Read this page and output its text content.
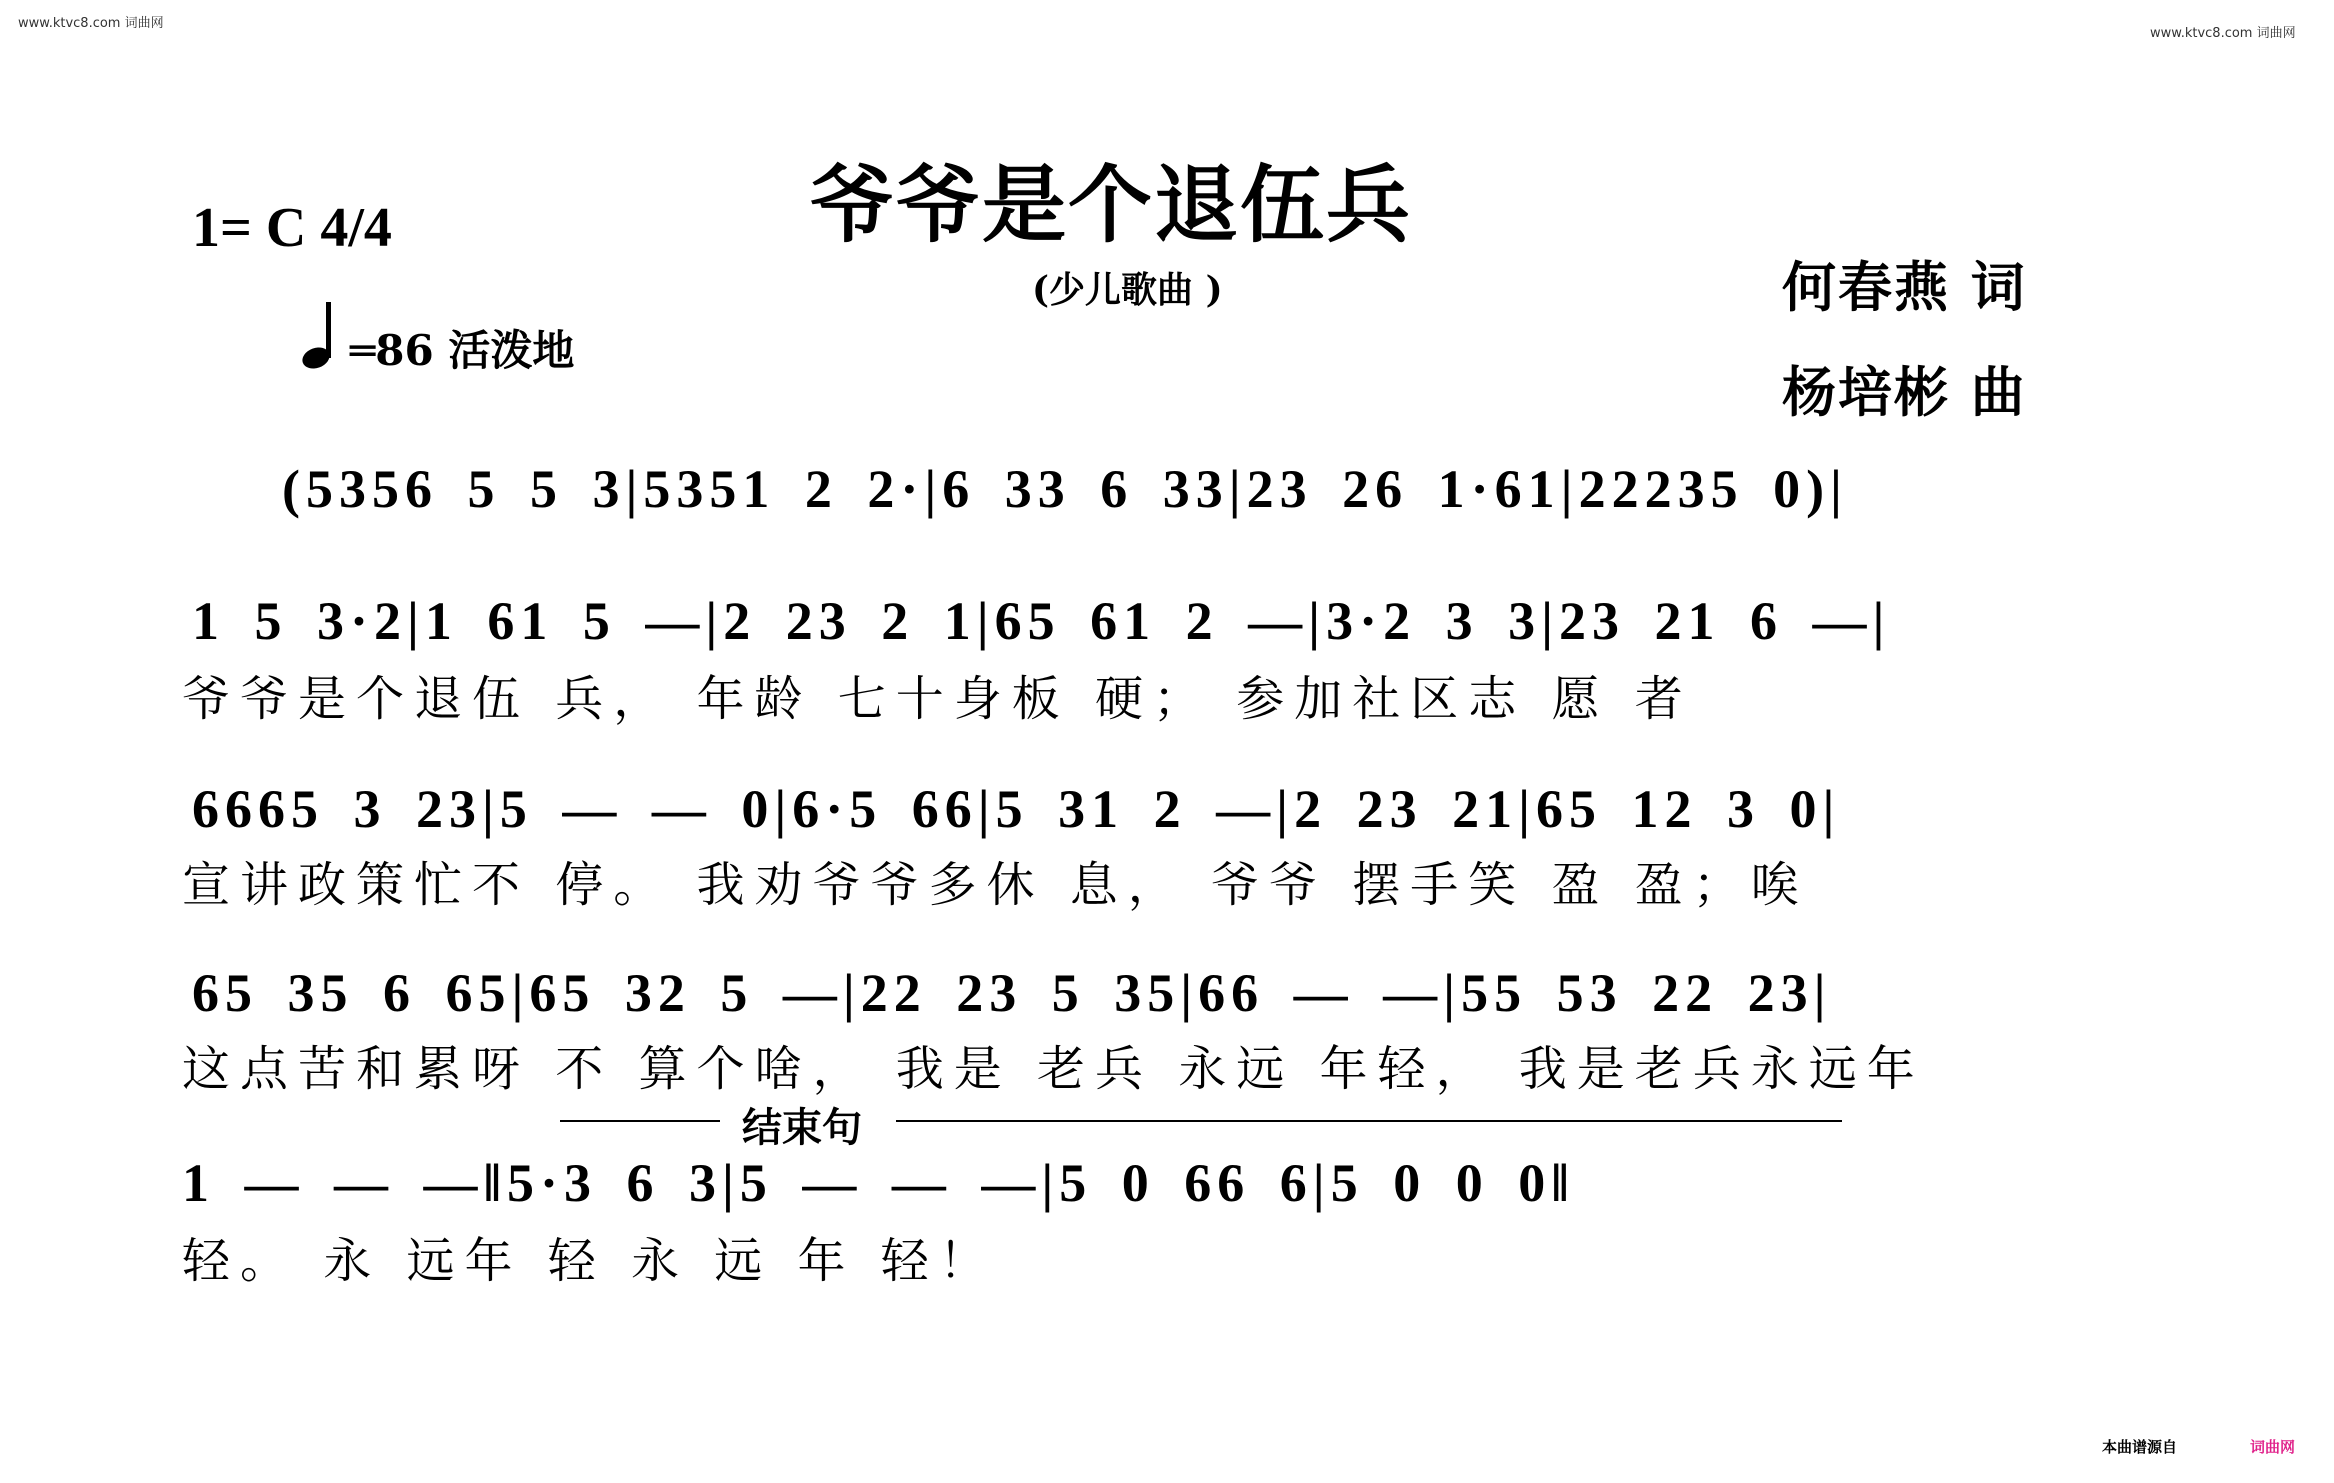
www.ktvc8.com 词曲网
www.ktvc8.com 词曲网
爷爷是个退伍兵
(少儿歌曲 )
1= C 4/4
═86 活泼地
何春燕 词
杨培彬 曲
(5356 5 5 3|5351 2 2·|6 33 6 33|23 26 1·61|22235 0)|
1 5 3·2|1 61 5 —|2 23 2 1|65 61 2 —|3·2 3 3|23 21 6 —|
爷爷是个退伍 兵， 年龄 七十身板 硬； 参加社区志 愿 者
6665 3 23|5 — — 0|6·5 66|5 31 2 —|2 23 21|65 12 3 0|
宣讲政策忙不 停。 我劝爷爷多休 息， 爷爷 摆手笑 盈 盈；唉
65 35 6 65|65 32 5 —|22 23 5 35|66 — —|55 53 22 23|
这点苦和累呀 不 算个啥， 我是 老兵 永远 年轻， 我是老兵永远年
结束句
1 — — —‖5·3 6 3|5 — — —|5 0 66 6|5 0 0 0‖
轻。 永 远年 轻 永 远 年 轻！
本曲谱源自	词曲网
